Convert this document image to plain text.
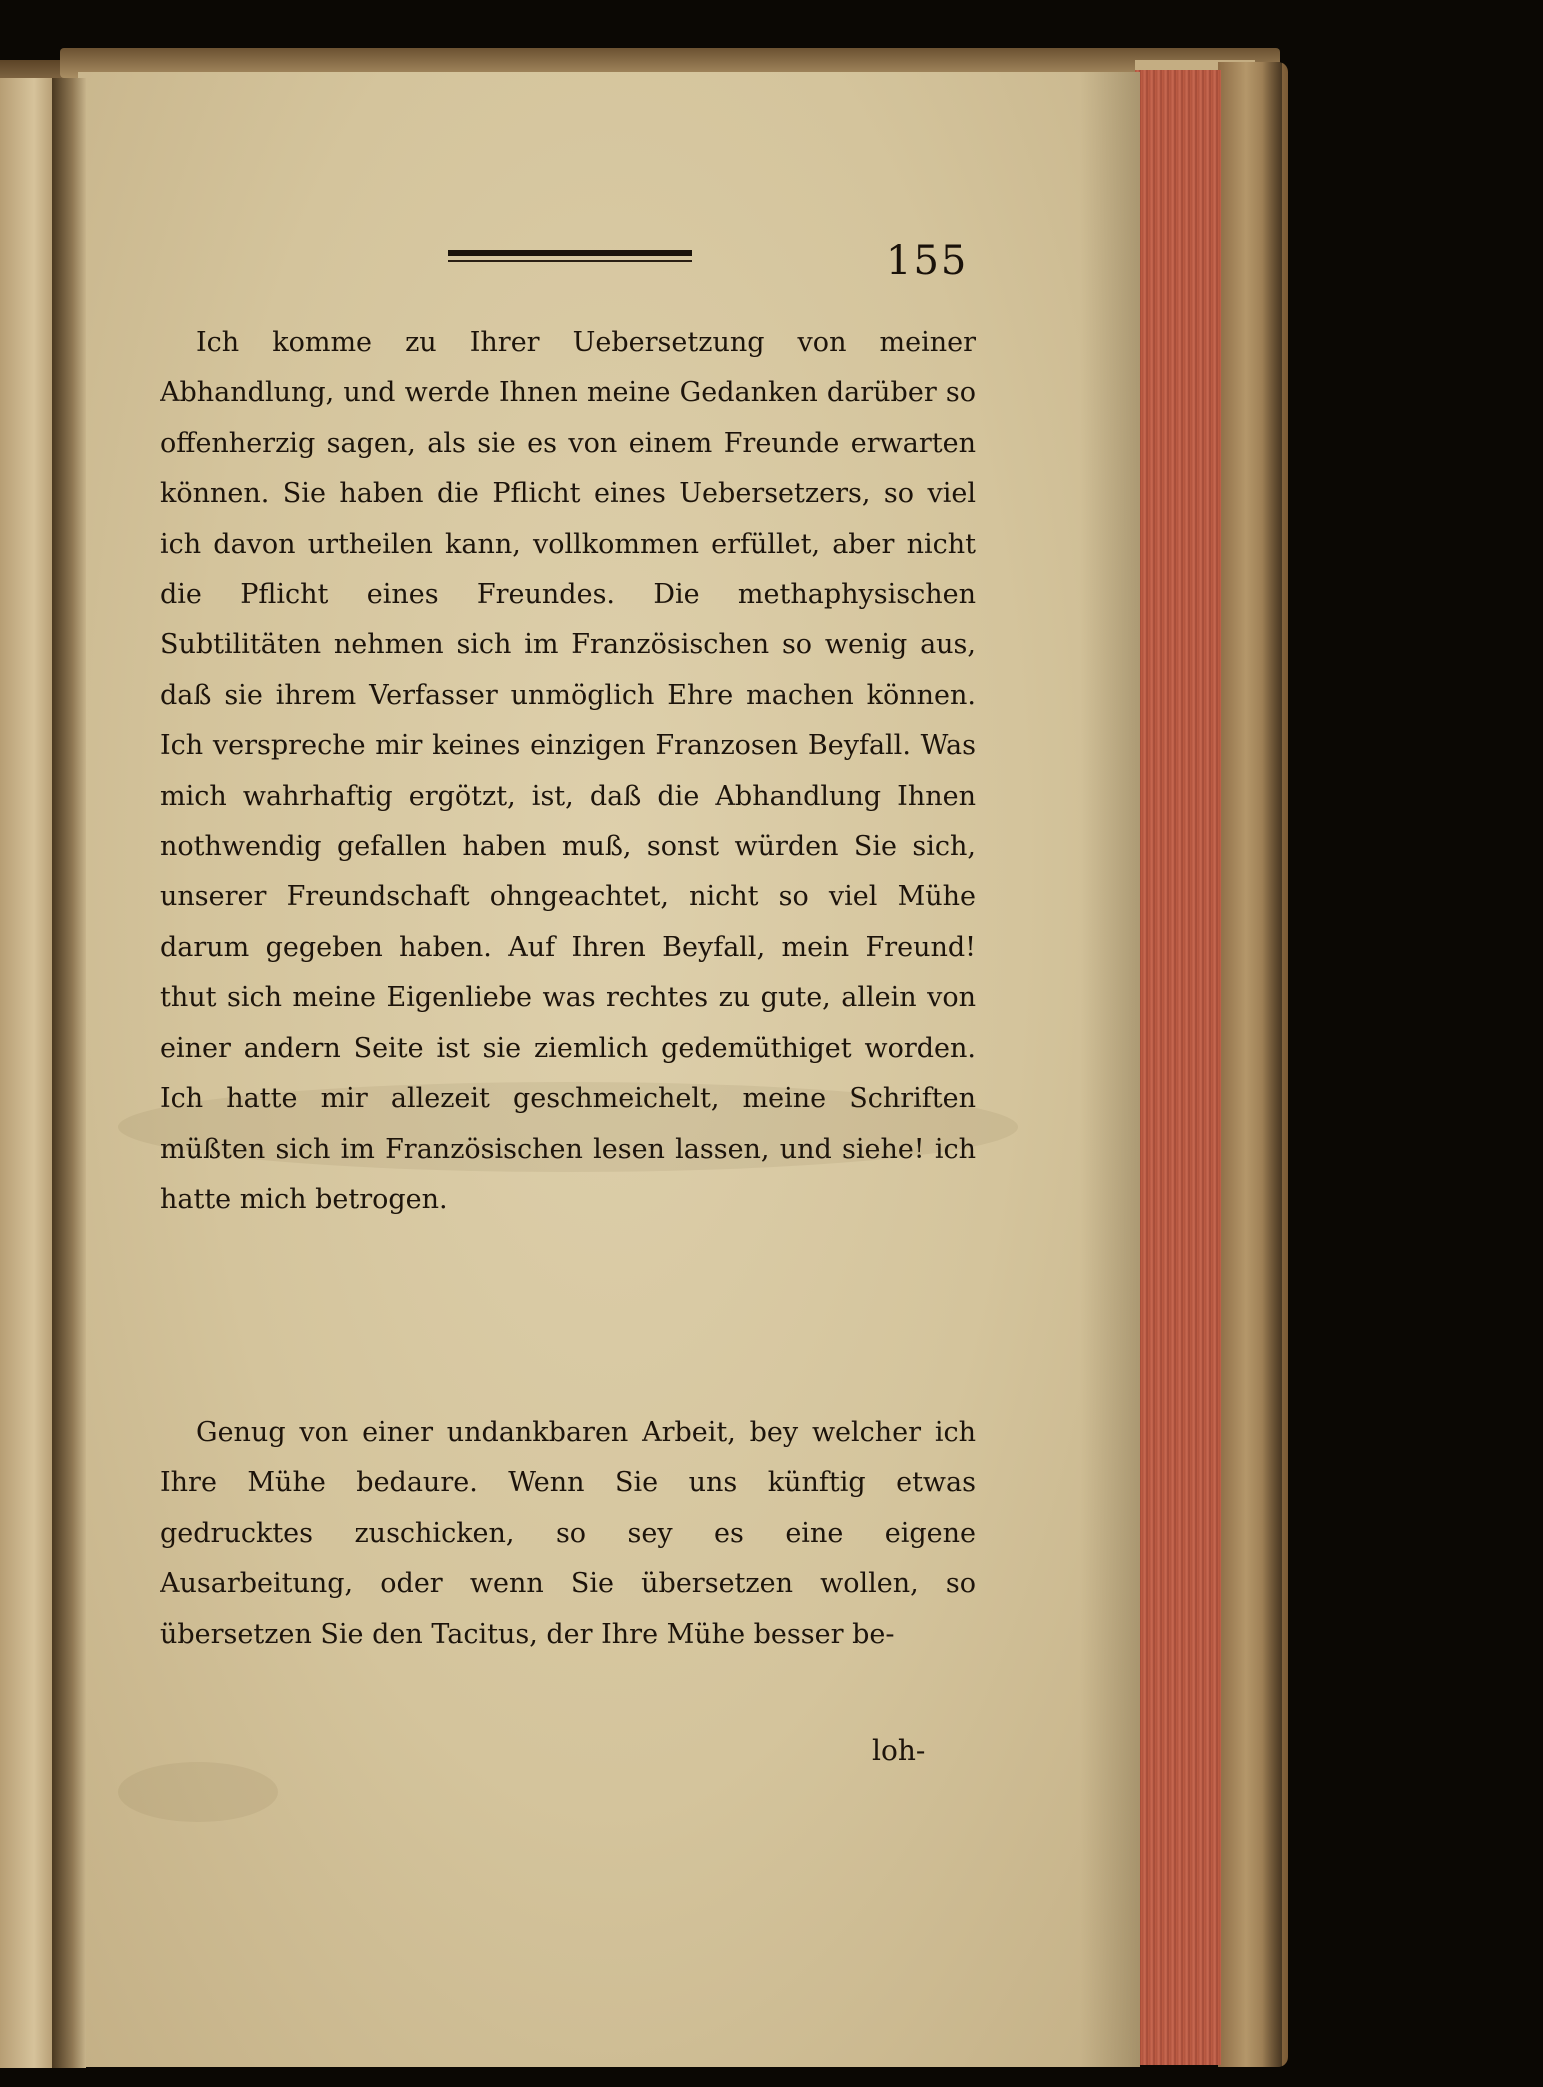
155

Ich komme zu Ihrer Uebersetzung von meiner Abhandlung, und werde Ihnen meine Gedanken darüber so offenherzig sagen, als sie es von einem Freunde erwarten können. Sie haben die Pflicht eines Uebersetzers, so viel ich davon urtheilen kann, vollkommen erfüllet, aber nicht die Pflicht eines Freundes. Die methaphysischen Subtilitäten nehmen sich im Französischen so wenig aus, daß sie ihrem Verfasser unmöglich Ehre machen können. Ich verspreche mir keines einzigen Franzosen Beyfall. Was mich wahrhaftig ergötzt, ist, daß die Abhandlung Ihnen nothwendig gefallen haben muß, sonst würden Sie sich, unserer Freundschaft ohngeachtet, nicht so viel Mühe darum gegeben haben. Auf Ihren Beyfall, mein Freund! thut sich meine Eigenliebe was rechtes zu gute, allein von einer andern Seite ist sie ziemlich gedemüthiget worden. Ich hatte mir allezeit geschmeichelt, meine Schriften müßten sich im Französischen lesen lassen, und siehe! ich hatte mich betrogen.

Genug von einer undankbaren Arbeit, bey welcher ich Ihre Mühe bedaure. Wenn Sie uns künftig etwas gedrucktes zuschicken, so sey es eine eigene Ausarbeitung, oder wenn Sie übersetzen wollen, so übersetzen Sie den Tacitus, der Ihre Mühe besser be-

loh-
